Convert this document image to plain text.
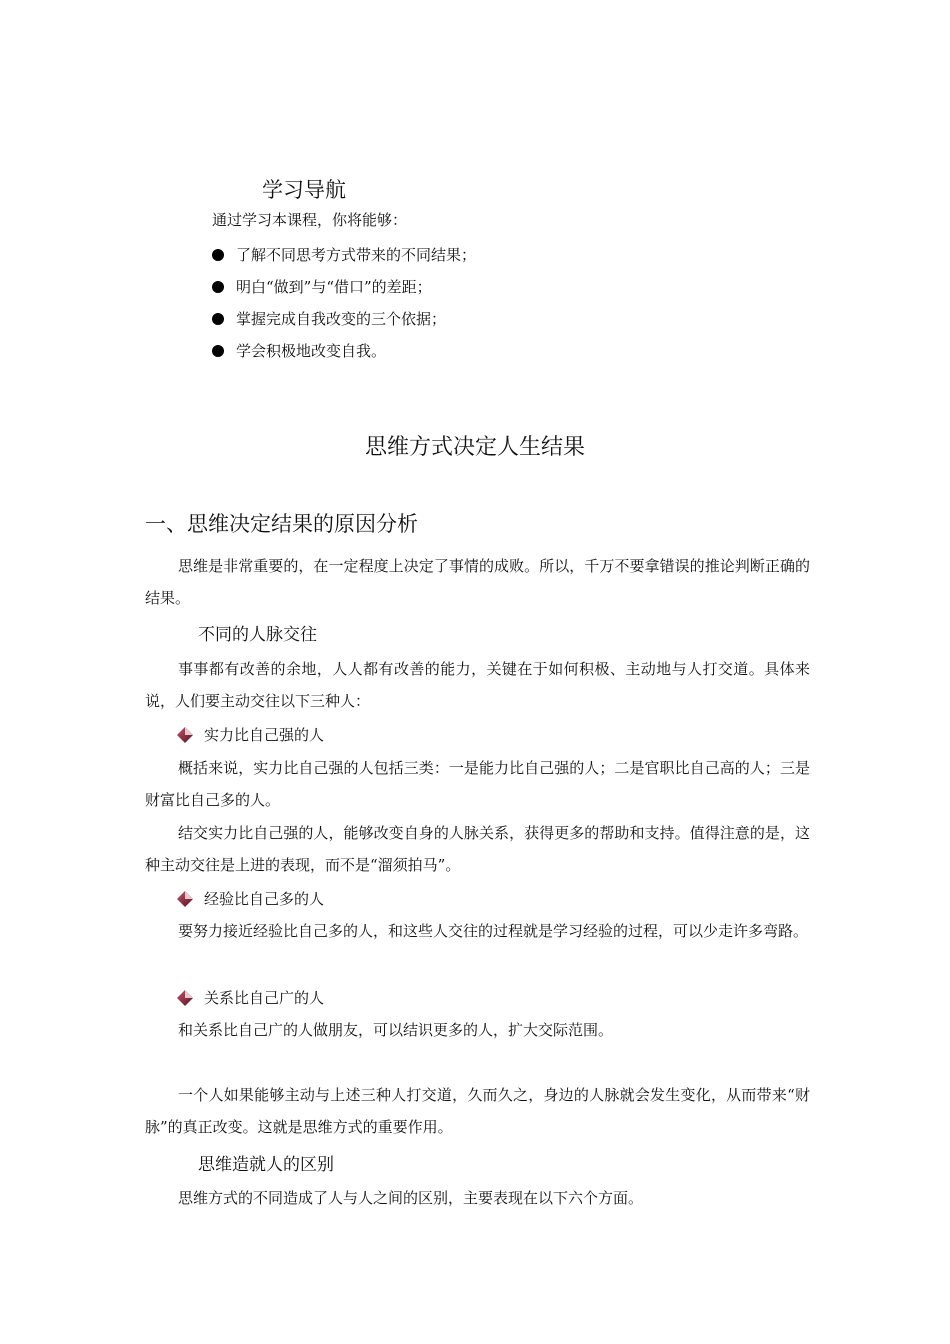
学习导航
通过学习本课程，你将能够：
了解不同思考方式带来的不同结果；
明白“做到”与“借口”的差距；
掌握完成自我改变的三个依据；
学会积极地改变自我。
思维方式决定人生结果
一、思维决定结果的原因分析
思维是非常重要的，在一定程度上决定了事情的成败。所以，千万不要拿错误的推论判断正确的结果。
不同的人脉交往
事事都有改善的余地，人人都有改善的能力，关键在于如何积极、主动地与人打交道。具体来说，人们要主动交往以下三种人：
实力比自己强的人
概括来说，实力比自己强的人包括三类：一是能力比自己强的人；二是官职比自己高的人；三是财富比自己多的人。
结交实力比自己强的人，能够改变自身的人脉关系，获得更多的帮助和支持。值得注意的是，这种主动交往是上进的表现，而不是“溜须拍马”。
经验比自己多的人
要努力接近经验比自己多的人，和这些人交往的过程就是学习经验的过程，可以少走许多弯路。
关系比自己广的人
和关系比自己广的人做朋友，可以结识更多的人，扩大交际范围。
一个人如果能够主动与上述三种人打交道，久而久之，身边的人脉就会发生变化，从而带来“财脉”的真正改变。这就是思维方式的重要作用。
思维造就人的区别
思维方式的不同造成了人与人之间的区别，主要表现在以下六个方面。
